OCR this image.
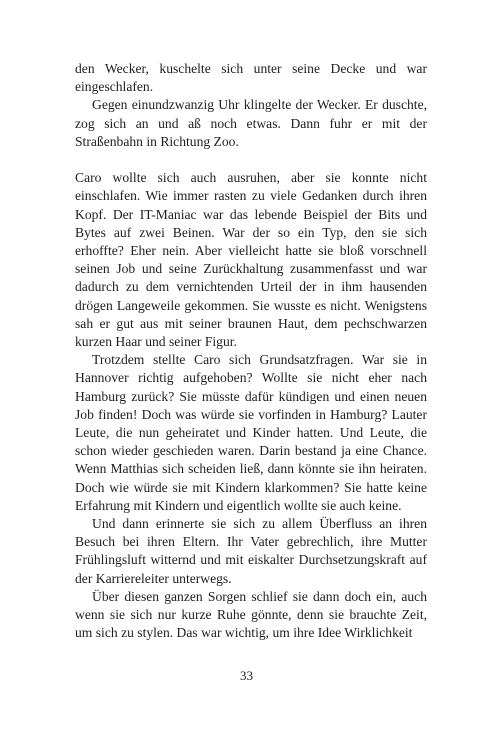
den Wecker, kuschelte sich unter seine Decke und war eingeschlafen.

Gegen einundzwanzig Uhr klingelte der Wecker. Er duschte, zog sich an und aß noch etwas. Dann fuhr er mit der Straßenbahn in Richtung Zoo.

Caro wollte sich auch ausruhen, aber sie konnte nicht einschlafen. Wie immer rasten zu viele Gedanken durch ihren Kopf. Der IT-Maniac war das lebende Beispiel der Bits und Bytes auf zwei Beinen. War der so ein Typ, den sie sich erhoffte? Eher nein. Aber vielleicht hatte sie bloß vorschnell seinen Job und seine Zurückhaltung zusammenfasst und war dadurch zu dem vernichtenden Urteil der in ihm hausenden drögen Langeweile gekommen. Sie wusste es nicht. Wenigstens sah er gut aus mit seiner braunen Haut, dem pechschwarzen kurzen Haar und seiner Figur.

Trotzdem stellte Caro sich Grundsatzfragen. War sie in Hannover richtig aufgehoben? Wollte sie nicht eher nach Hamburg zurück? Sie müsste dafür kündigen und einen neuen Job finden! Doch was würde sie vorfinden in Hamburg? Lauter Leute, die nun geheiratet und Kinder hatten. Und Leute, die schon wieder geschieden waren. Darin bestand ja eine Chance. Wenn Matthias sich scheiden ließ, dann könnte sie ihn heiraten. Doch wie würde sie mit Kindern klarkommen? Sie hatte keine Erfahrung mit Kindern und eigentlich wollte sie auch keine.

Und dann erinnerte sie sich zu allem Überfluss an ihren Besuch bei ihren Eltern. Ihr Vater gebrechlich, ihre Mutter Frühlingsluft witternd und mit eiskalter Durchsetzungskraft auf der Karriereleiter unterwegs.

Über diesen ganzen Sorgen schlief sie dann doch ein, auch wenn sie sich nur kurze Ruhe gönnte, denn sie brauchte Zeit, um sich zu stylen. Das war wichtig, um ihre Idee Wirklichkeit

33
